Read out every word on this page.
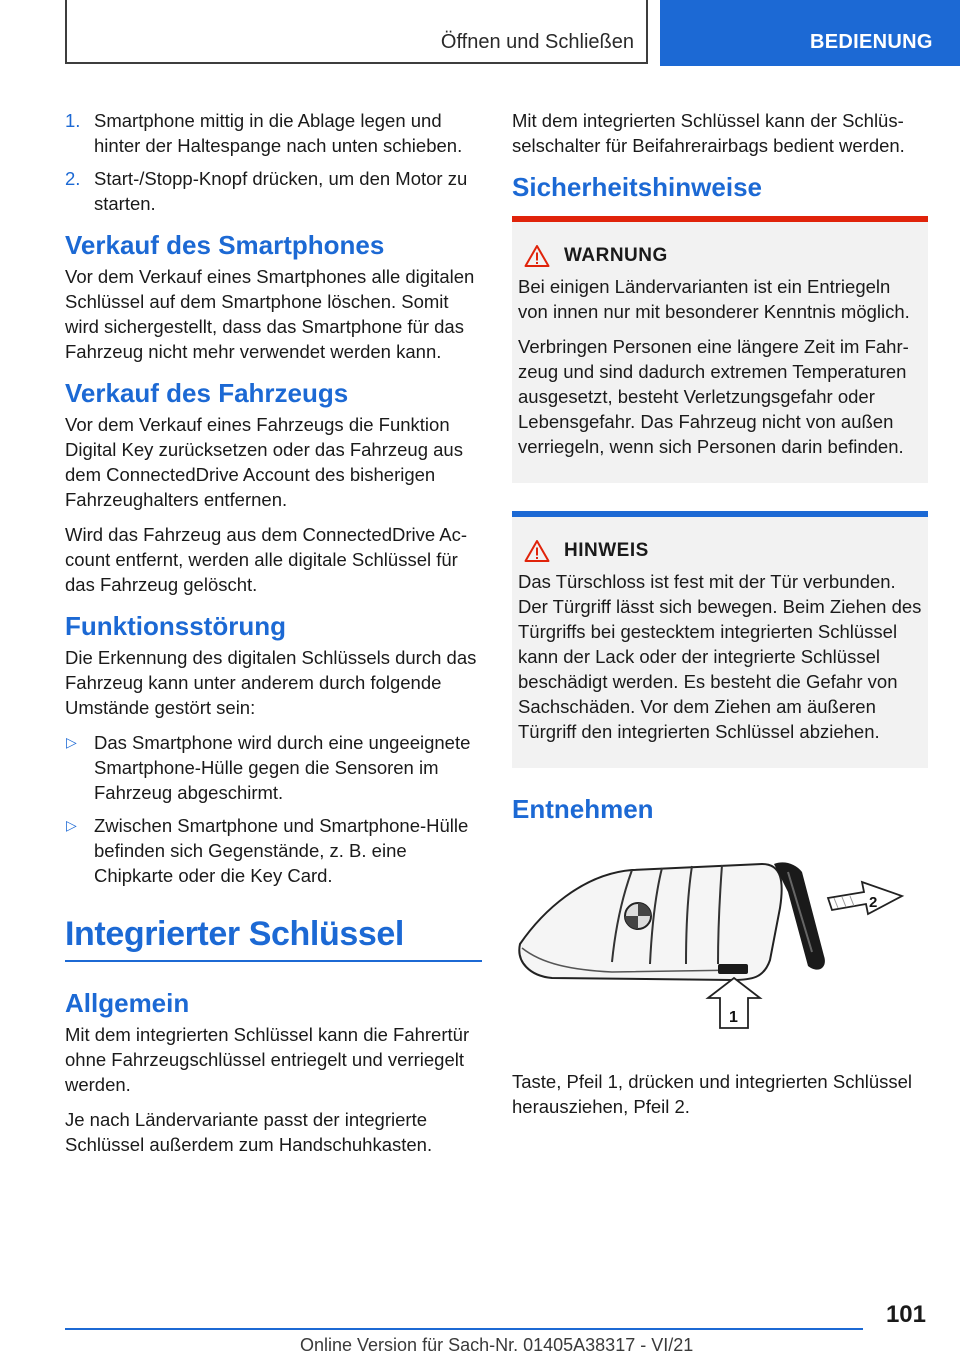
Öffnen und Schließen	BEDIENUNG
1. Smartphone mittig in die Ablage legen und hinter der Haltespange nach unten schieben.
2. Start-/Stopp-Knopf drücken, um den Motor zu starten.
Verkauf des Smartphones

Vor dem Verkauf eines Smartphones alle digitalen Schlüssel auf dem Smartphone löschen. Somit wird sichergestellt, dass das Smartphone für das Fahrzeug nicht mehr verwendet werden kann.

Verkauf des Fahrzeugs

Vor dem Verkauf eines Fahrzeugs die Funktion Digital Key zurücksetzen oder das Fahrzeug aus dem ConnectedDrive Account des bisherigen Fahrzeughalters entfernen.

Wird das Fahrzeug aus dem ConnectedDrive Account entfernt, werden alle digitale Schlüssel für das Fahrzeug gelöscht.

Funktionsstörung

Die Erkennung des digitalen Schlüssels durch das Fahrzeug kann unter anderem durch folgende Umstände gestört sein:

▷ Das Smartphone wird durch eine ungeeignete Smartphone-Hülle gegen die Sensoren im Fahrzeug abgeschirmt.
▷ Zwischen Smartphone und Smartphone-Hülle befinden sich Gegenstände, z. B. eine Chipkarte oder die Key Card.
Integrierter Schlüssel
Allgemein

Mit dem integrierten Schlüssel kann die Fahrertür ohne Fahrzeugschlüssel entriegelt und verriegelt werden.

Je nach Ländervariante passt der integrierte Schlüssel außerdem zum Handschuhkasten.

Mit dem integrierten Schlüssel kann der Schlüsselschalter für Beifahrerairbags bedient werden.

Sicherheitshinweise
WARNUNG

Bei einigen Ländervarianten ist ein Entriegeln von innen nur mit besonderer Kenntnis möglich.

Verbringen Personen eine längere Zeit im Fahrzeug und sind dadurch extremen Temperaturen ausgesetzt, besteht Verletzungsgefahr oder Lebensgefahr. Das Fahrzeug nicht von außen verriegeln, wenn sich Personen darin befinden.

HINWEIS

Das Türschloss ist fest mit der Tür verbunden. Der Türgriff lässt sich bewegen. Beim Ziehen des Türgriffs bei gestecktem integrierten Schlüssel kann der Lack oder der integrierte Schlüssel beschädigt werden. Es besteht die Gefahr von Sachschäden. Vor dem Ziehen am äußeren Türgriff den integrierten Schlüssel abziehen.

Entnehmen
2
1

Taste, Pfeil 1, drücken und integrierten Schlüssel herausziehen, Pfeil 2.

101
Online Version für Sach-Nr. 01405A38317 - VI/21
